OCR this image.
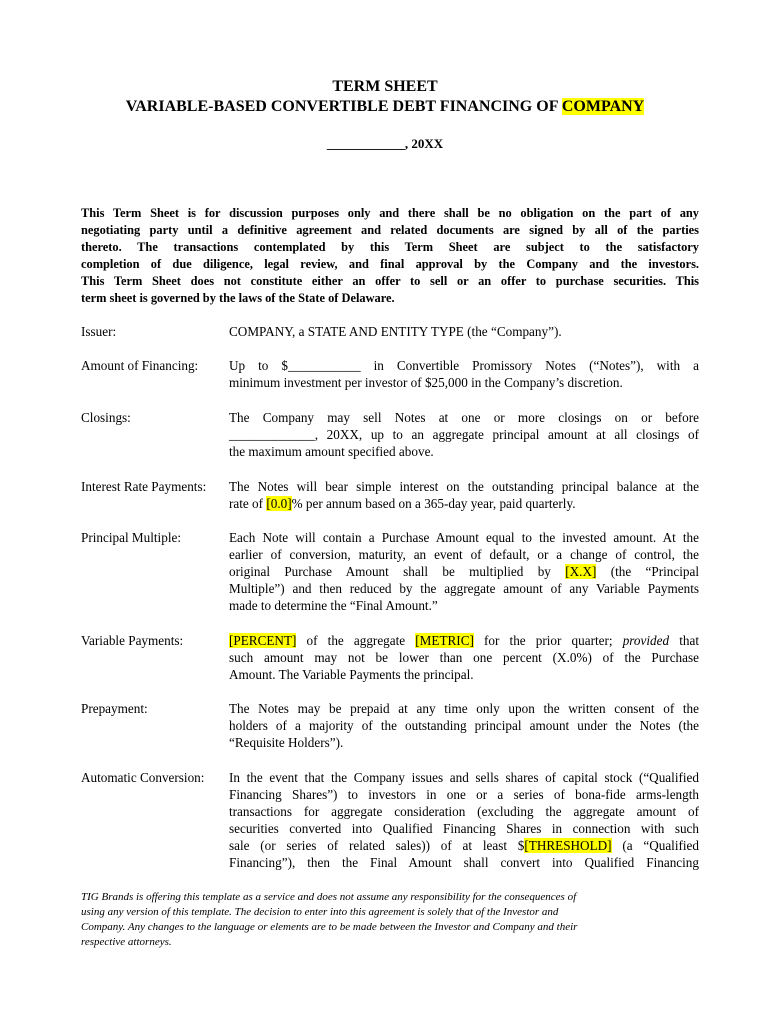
TERM SHEET
VARIABLE-BASED CONVERTIBLE DEBT FINANCING OF COMPANY
____________, 20XX
This Term Sheet is for discussion purposes only and there shall be no obligation on the part of any
negotiating party until a definitive agreement and related documents are signed by all of the parties
thereto. The transactions contemplated by this Term Sheet are subject to the satisfactory
completion of due diligence, legal review, and final approval by the Company and the investors.
This Term Sheet does not constitute either an offer to sell or an offer to purchase securities. This
term sheet is governed by the laws of the State of Delaware.
Issuer:	COMPANY, a STATE AND ENTITY TYPE (the “Company”).
Amount of Financing:	Up to $___________ in Convertible Promissory Notes (“Notes”), with a
minimum investment per investor of $25,000 in the Company’s discretion.
Closings:	The Company may sell Notes at one or more closings on or before
_____________, 20XX, up to an aggregate principal amount at all closings of
the maximum amount specified above.
Interest Rate Payments:	The Notes will bear simple interest on the outstanding principal balance at the
rate of [0.0]% per annum based on a 365-day year, paid quarterly.
Principal Multiple:	Each Note will contain a Purchase Amount equal to the invested amount. At the
earlier of conversion, maturity, an event of default, or a change of control, the
original Purchase Amount shall be multiplied by [X.X] (the “Principal
Multiple”) and then reduced by the aggregate amount of any Variable Payments
made to determine the “Final Amount.”
Variable Payments:	[PERCENT] of the aggregate [METRIC] for the prior quarter; provided that
such amount may not be lower than one percent (X.0%) of the Purchase
Amount. The Variable Payments the principal.
Prepayment:	The Notes may be prepaid at any time only upon the written consent of the
holders of a majority of the outstanding principal amount under the Notes (the
“Requisite Holders”).
Automatic Conversion:	In the event that the Company issues and sells shares of capital stock (“Qualified
Financing Shares”) to investors in one or a series of bona-fide arms-length
transactions for aggregate consideration (excluding the aggregate amount of
securities converted into Qualified Financing Shares in connection with such
sale (or series of related sales)) of at least $[THRESHOLD] (a “Qualified
Financing”), then the Final Amount shall convert into Qualified Financing
TIG Brands is offering this template as a service and does not assume any responsibility for the consequences of
using any version of this template. The decision to enter into this agreement is solely that of the Investor and
Company. Any changes to the language or elements are to be made between the Investor and Company and their
respective attorneys.
